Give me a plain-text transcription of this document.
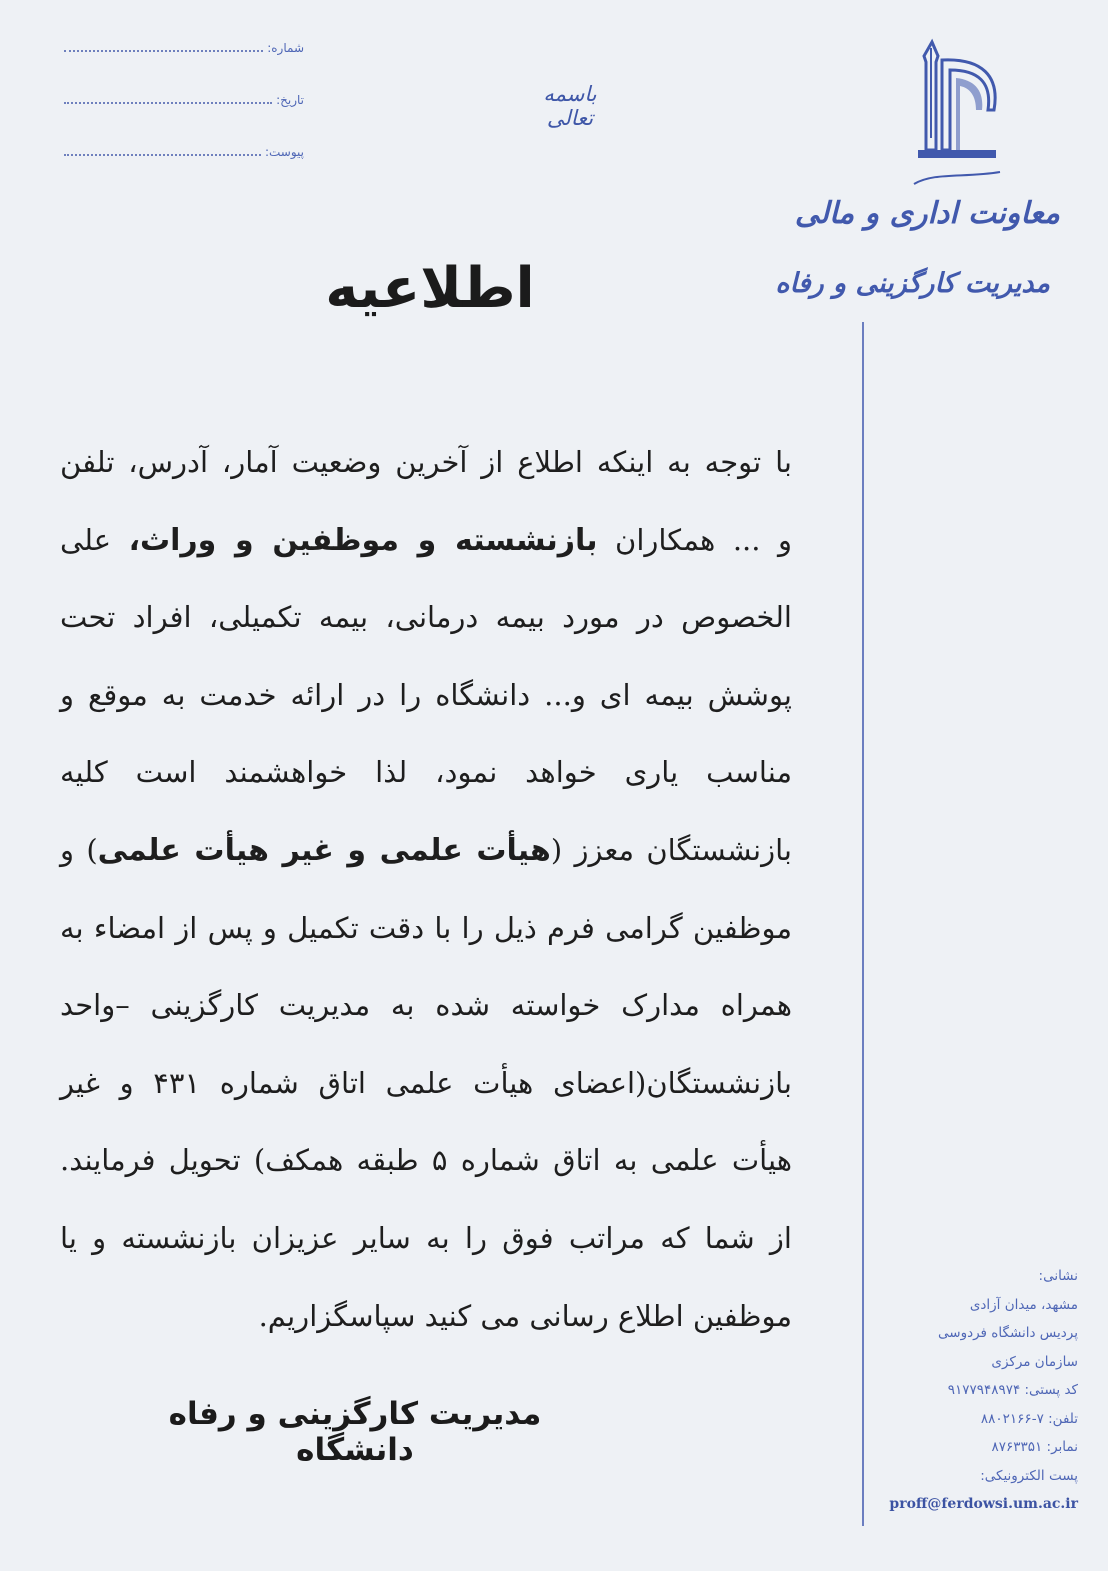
شماره:
تاریخ:
پیوست:
باسمه تعالی
معاونت اداری و مالی
مدیریت کارگزینی و رفاه
اطلاعیه
با توجه به اینکه اطلاع از آخرین وضعیت آمار، آدرس، تلفن
و ... همکاران بازنشسته و موظفین و وراث، علی
الخصوص در مورد بیمه درمانی، بیمه تکمیلی، افراد تحت
پوشش بیمه ای و... دانشگاه را در ارائه خدمت به موقع و
مناسب یاری خواهد نمود، لذا خواهشمند است کلیه
بازنشستگان معزز (هیأت علمی و غیر هیأت علمی) و
موظفین گرامی فرم ذیل را با دقت تکمیل و پس از امضاء به
همراه مدارک خواسته شده به مدیریت کارگزینی –واحد
بازنشستگان(اعضای هیأت علمی اتاق شماره ۴۳۱ و غیر
هیأت علمی به اتاق شماره ۵ طبقه همکف) تحویل فرمایند.
از شما که مراتب فوق را به سایر عزیزان بازنشسته و یا
موظفین اطلاع رسانی می کنید سپاسگزاریم.
مدیریت کارگزینی و رفاه دانشگاه
نشانی:
مشهد، میدان آزادی
پردیس دانشگاه فردوسی
سازمان مرکزی
کد پستی: ۹۱۷۷۹۴۸۹۷۴
تلفن: ۷-۸۸۰۲۱۶۶
نمابر: ۸۷۶۳۳۵۱
پست الکترونیکی:
proff@ferdowsi.um.ac.ir
